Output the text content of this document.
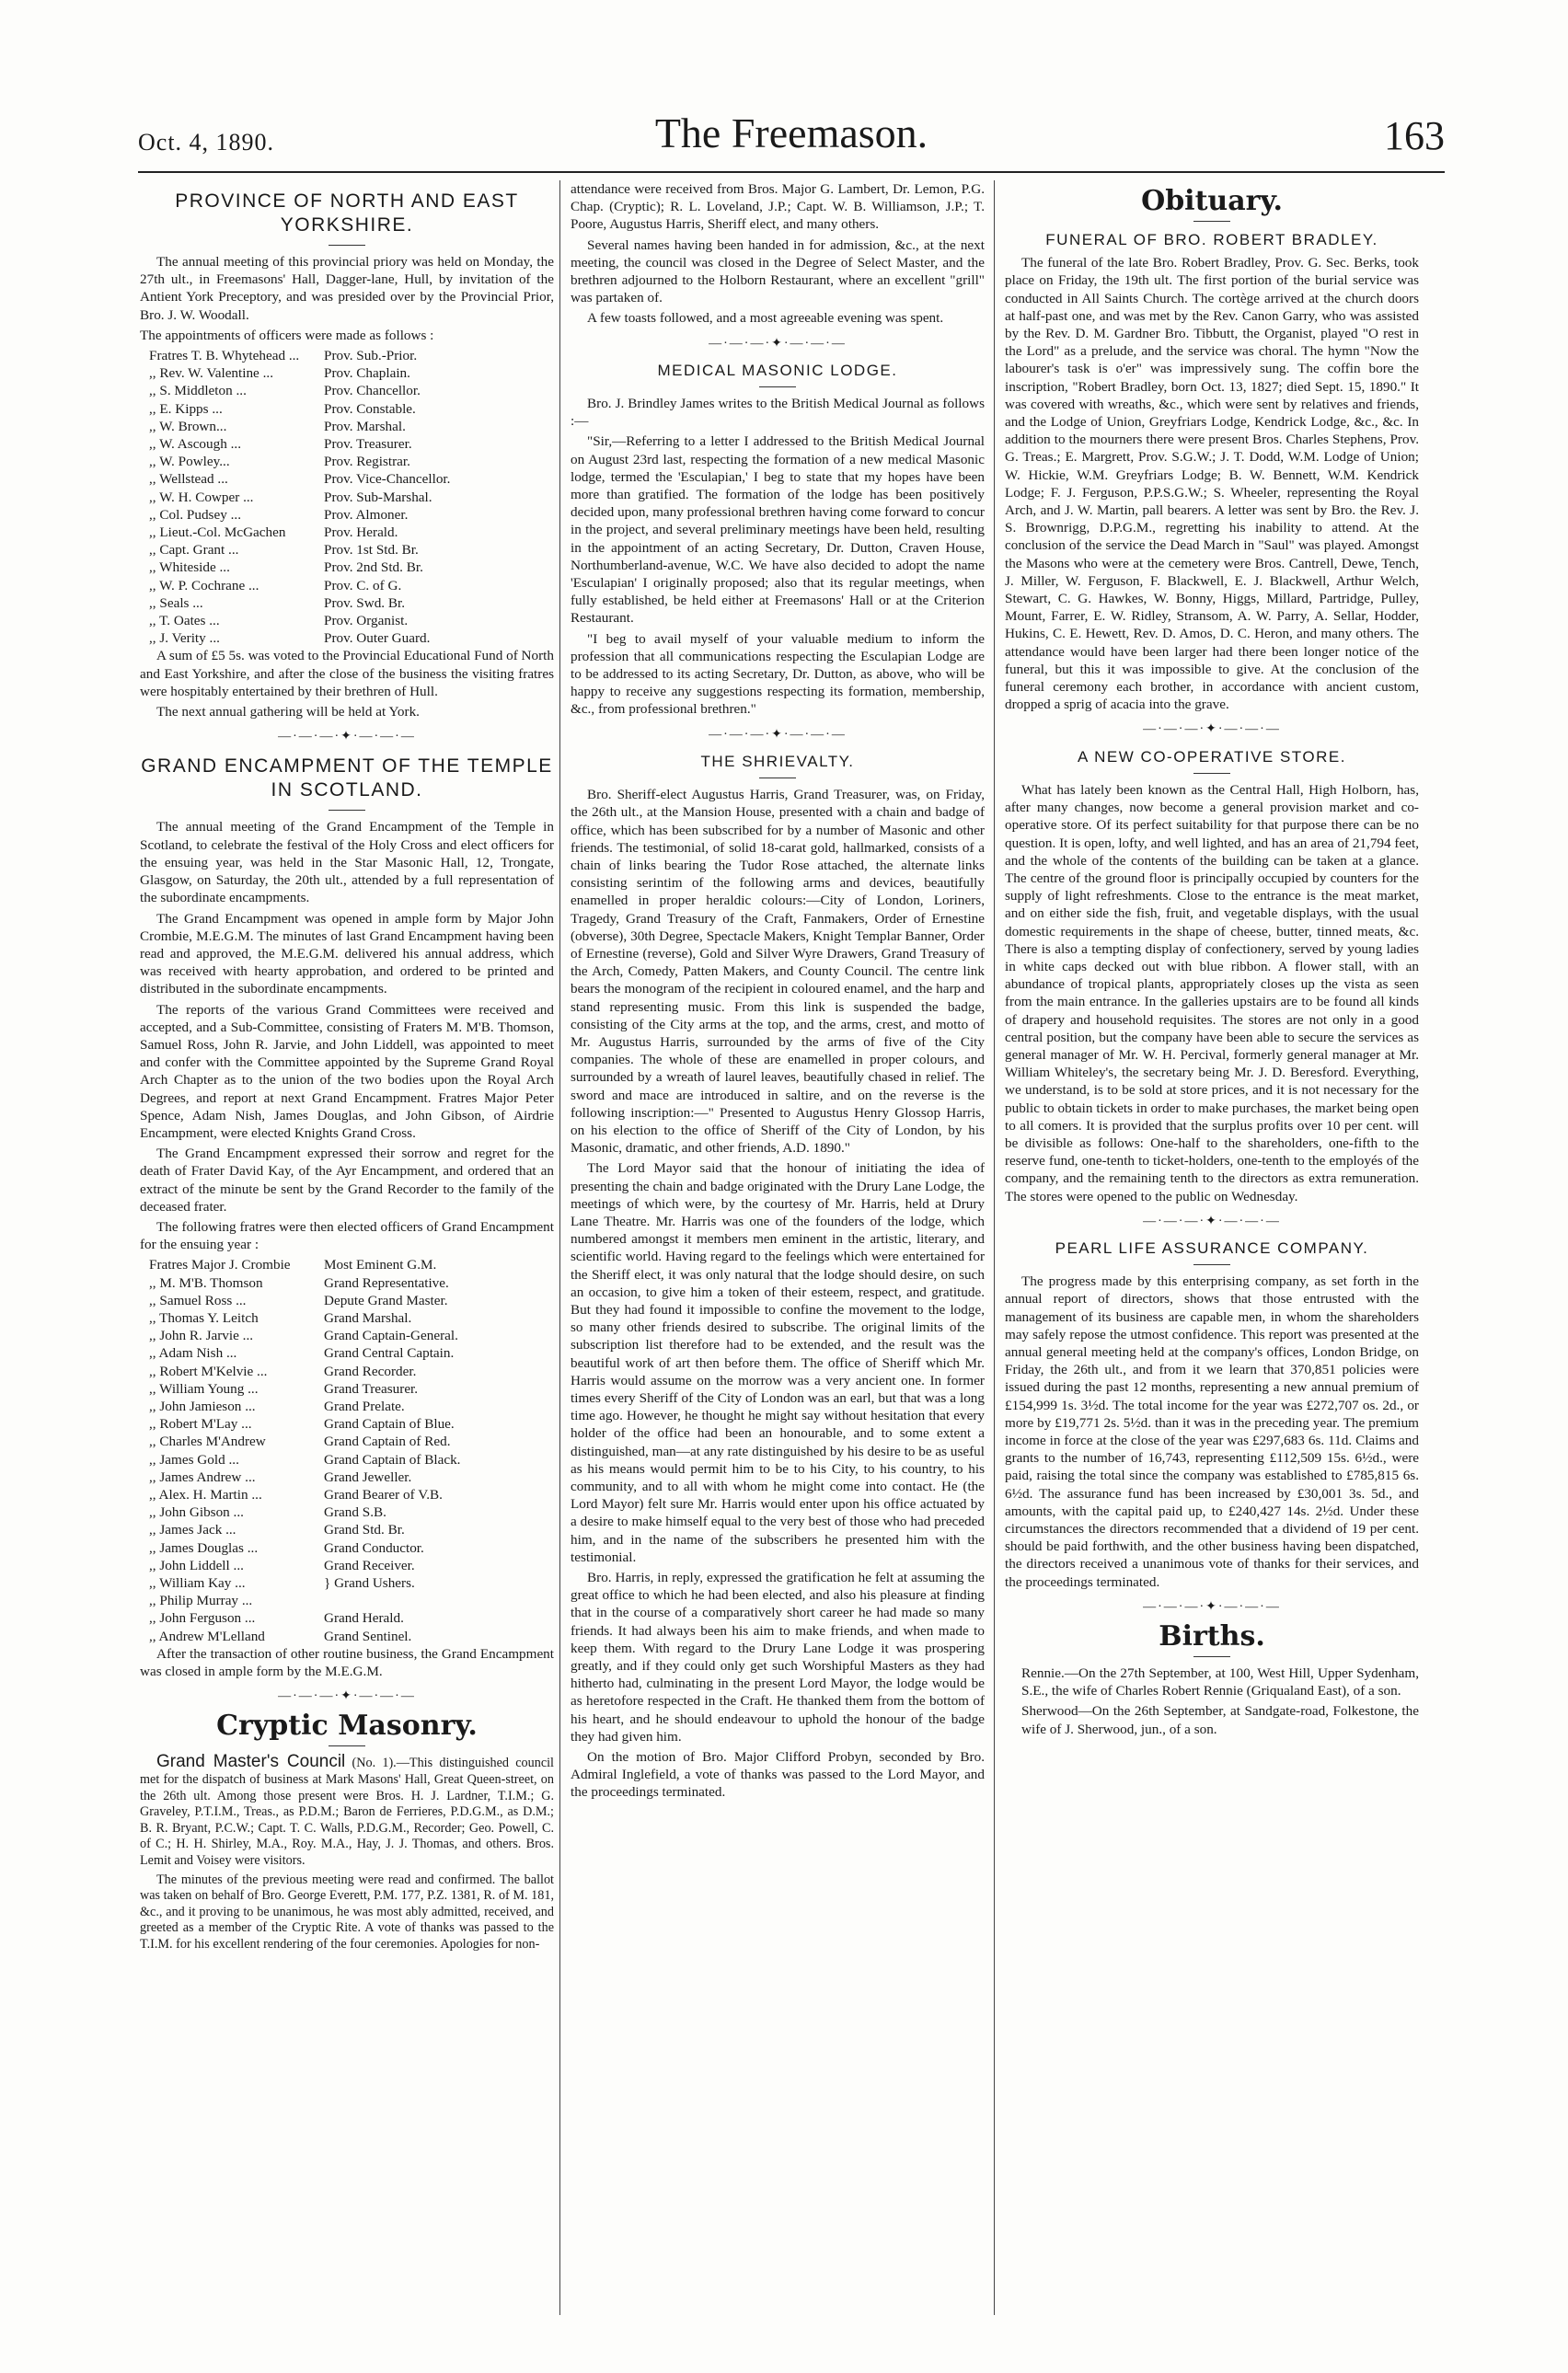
Oct. 4, 1890.	The Freemason.	163
PROVINCE OF NORTH AND EAST YORKSHIRE.

The annual meeting of this provincial priory was held on Monday, the 27th ult., in Freemasons' Hall, Dagger-lane, Hull, by invitation of the Antient York Preceptory, and was presided over by the Provincial Prior, Bro. J. W. Woodall.

The appointments of officers were made as follows :

Fratres T. B. Whytehead ...	Prov. Sub.-Prior.
,, Rev. W. Valentine ...	Prov. Chaplain.
,, S. Middleton ...	Prov. Chancellor.
,, E. Kipps ...	Prov. Constable.
,, W. Brown...	Prov. Marshal.
,, W. Ascough ...	Prov. Treasurer.
,, W. Powley...	Prov. Registrar.
,, Wellstead ...	Prov. Vice-Chancellor.
,, W. H. Cowper ...	Prov. Sub-Marshal.
,, Col. Pudsey ...	Prov. Almoner.
,, Lieut.-Col. McGachen	Prov. Herald.
,, Capt. Grant ...	Prov. 1st Std. Br.
,, Whiteside ...	Prov. 2nd Std. Br.
,, W. P. Cochrane ...	Prov. C. of G.
,, Seals ...	Prov. Swd. Br.
,, T. Oates ...	Prov. Organist.
,, J. Verity ...	Prov. Outer Guard.

A sum of £5 5s. was voted to the Provincial Educational Fund of North and East Yorkshire, and after the close of the business the visiting fratres were hospitably entertained by their brethren of Hull.

The next annual gathering will be held at York.

—·—·—·✦·—·—·—
GRAND ENCAMPMENT OF THE TEMPLE IN SCOTLAND.

The annual meeting of the Grand Encampment of the Temple in Scotland, to celebrate the festival of the Holy Cross and elect officers for the ensuing year, was held in the Star Masonic Hall, 12, Trongate, Glasgow, on Saturday, the 20th ult., attended by a full representation of the subordinate encampments.

The Grand Encampment was opened in ample form by Major John Crombie, M.E.G.M. The minutes of last Grand Encampment having been read and approved, the M.E.G.M. delivered his annual address, which was received with hearty approbation, and ordered to be printed and distributed in the subordinate encampments.

The reports of the various Grand Committees were received and accepted, and a Sub-Committee, consisting of Fraters M. M'B. Thomson, Samuel Ross, John R. Jarvie, and John Liddell, was appointed to meet and confer with the Committee appointed by the Supreme Grand Royal Arch Chapter as to the union of the two bodies upon the Royal Arch Degrees, and report at next Grand Encampment. Fratres Major Peter Spence, Adam Nish, James Douglas, and John Gibson, of Airdrie Encampment, were elected Knights Grand Cross.

The Grand Encampment expressed their sorrow and regret for the death of Frater David Kay, of the Ayr Encampment, and ordered that an extract of the minute be sent by the Grand Recorder to the family of the deceased frater.

The following fratres were then elected officers of Grand Encampment for the ensuing year :

Fratres Major J. Crombie	Most Eminent G.M.
,, M. M'B. Thomson	Grand Representative.
,, Samuel Ross ...	Depute Grand Master.
,, Thomas Y. Leitch	Grand Marshal.
,, John R. Jarvie ...	Grand Captain-General.
,, Adam Nish ...	Grand Central Captain.
,, Robert M'Kelvie ...	Grand Recorder.
,, William Young ...	Grand Treasurer.
,, John Jamieson ...	Grand Prelate.
,, Robert M'Lay ...	Grand Captain of Blue.
,, Charles M'Andrew	Grand Captain of Red.
,, James Gold ...	Grand Captain of Black.
,, James Andrew ...	Grand Jeweller.
,, Alex. H. Martin ...	Grand Bearer of V.B.
,, John Gibson ...	Grand S.B.
,, James Jack ...	Grand Std. Br.
,, James Douglas ...	Grand Conductor.
,, John Liddell ...	Grand Receiver.
,, William Kay ...	} Grand Ushers.
,, Philip Murray ...	
,, John Ferguson ...	Grand Herald.
,, Andrew M'Lelland	Grand Sentinel.

After the transaction of other routine business, the Grand Encampment was closed in ample form by the M.E.G.M.

—·—·—·✦·—·—·—
Cryptic Masonry.

Grand Master's Council (No. 1).—This distinguished council met for the dispatch of business at Mark Masons' Hall, Great Queen-street, on the 26th ult. Among those present were Bros. H. J. Lardner, T.I.M.; G. Graveley, P.T.I.M., Treas., as P.D.M.; Baron de Ferrieres, P.D.G.M., as D.M.; B. R. Bryant, P.C.W.; Capt. T. C. Walls, P.D.G.M., Recorder; Geo. Powell, C. of C.; H. H. Shirley, M.A., Roy. M.A., Hay, J. J. Thomas, and others. Bros. Lemit and Voisey were visitors.

The minutes of the previous meeting were read and confirmed. The ballot was taken on behalf of Bro. George Everett, P.M. 177, P.Z. 1381, R. of M. 181, &c., and it proving to be unanimous, he was most ably admitted, received, and greeted as a member of the Cryptic Rite. A vote of thanks was passed to the T.I.M. for his excellent rendering of the four ceremonies. Apologies for non-

attendance were received from Bros. Major G. Lambert, Dr. Lemon, P.G. Chap. (Cryptic); R. L. Loveland, J.P.; Capt. W. B. Williamson, J.P.; T. Poore, Augustus Harris, Sheriff elect, and many others.

Several names having been handed in for admission, &c., at the next meeting, the council was closed in the Degree of Select Master, and the brethren adjourned to the Holborn Restaurant, where an excellent "grill" was partaken of.

A few toasts followed, and a most agreeable evening was spent.

—·—·—·✦·—·—·—
MEDICAL MASONIC LODGE.

Bro. J. Brindley James writes to the British Medical Journal as follows :—

"Sir,—Referring to a letter I addressed to the British Medical Journal on August 23rd last, respecting the formation of a new medical Masonic lodge, termed the 'Esculapian,' I beg to state that my hopes have been more than gratified. The formation of the lodge has been positively decided upon, many professional brethren having come forward to concur in the project, and several preliminary meetings have been held, resulting in the appointment of an acting Secretary, Dr. Dutton, Craven House, Northumberland-avenue, W.C. We have also decided to adopt the name 'Esculapian' I originally proposed; also that its regular meetings, when fully established, be held either at Freemasons' Hall or at the Criterion Restaurant.

"I beg to avail myself of your valuable medium to inform the profession that all communications respecting the Esculapian Lodge are to be addressed to its acting Secretary, Dr. Dutton, as above, who will be happy to receive any suggestions respecting its formation, membership, &c., from professional brethren."

—·—·—·✦·—·—·—
THE SHRIEVALTY.

Bro. Sheriff-elect Augustus Harris, Grand Treasurer, was, on Friday, the 26th ult., at the Mansion House, presented with a chain and badge of office, which has been subscribed for by a number of Masonic and other friends. The testimonial, of solid 18-carat gold, hallmarked, consists of a chain of links bearing the Tudor Rose attached, the alternate links consisting serintim of the following arms and devices, beautifully enamelled in proper heraldic colours:—City of London, Loriners, Tragedy, Grand Treasury of the Craft, Fanmakers, Order of Ernestine (obverse), 30th Degree, Spectacle Makers, Knight Templar Banner, Order of Ernestine (reverse), Gold and Silver Wyre Drawers, Grand Treasury of the Arch, Comedy, Patten Makers, and County Council. The centre link bears the monogram of the recipient in coloured enamel, and the harp and stand representing music. From this link is suspended the badge, consisting of the City arms at the top, and the arms, crest, and motto of Mr. Augustus Harris, surrounded by the arms of five of the City companies. The whole of these are enamelled in proper colours, and surrounded by a wreath of laurel leaves, beautifully chased in relief. The sword and mace are introduced in saltire, and on the reverse is the following inscription:—" Presented to Augustus Henry Glossop Harris, on his election to the office of Sheriff of the City of London, by his Masonic, dramatic, and other friends, A.D. 1890."

The Lord Mayor said that the honour of initiating the idea of presenting the chain and badge originated with the Drury Lane Lodge, the meetings of which were, by the courtesy of Mr. Harris, held at Drury Lane Theatre. Mr. Harris was one of the founders of the lodge, which numbered amongst it members men eminent in the artistic, literary, and scientific world. Having regard to the feelings which were entertained for the Sheriff elect, it was only natural that the lodge should desire, on such an occasion, to give him a token of their esteem, respect, and gratitude. But they had found it impossible to confine the movement to the lodge, so many other friends desired to subscribe. The original limits of the subscription list therefore had to be extended, and the result was the beautiful work of art then before them. The office of Sheriff which Mr. Harris would assume on the morrow was a very ancient one. In former times every Sheriff of the City of London was an earl, but that was a long time ago. However, he thought he might say without hesitation that every holder of the office had been an honourable, and to some extent a distinguished, man—at any rate distinguished by his desire to be as useful as his means would permit him to be to his City, to his country, to his community, and to all with whom he might come into contact. He (the Lord Mayor) felt sure Mr. Harris would enter upon his office actuated by a desire to make himself equal to the very best of those who had preceded him, and in the name of the subscribers he presented him with the testimonial.

Bro. Harris, in reply, expressed the gratification he felt at assuming the great office to which he had been elected, and also his pleasure at finding that in the course of a comparatively short career he had made so many friends. It had always been his aim to make friends, and when made to keep them. With regard to the Drury Lane Lodge it was prospering greatly, and if they could only get such Worshipful Masters as they had hitherto had, culminating in the present Lord Mayor, the lodge would be as heretofore respected in the Craft. He thanked them from the bottom of his heart, and he should endeavour to uphold the honour of the badge they had given him.

On the motion of Bro. Major Clifford Probyn, seconded by Bro. Admiral Inglefield, a vote of thanks was passed to the Lord Mayor, and the proceedings terminated.

Obituary.
FUNERAL OF BRO. ROBERT BRADLEY.

The funeral of the late Bro. Robert Bradley, Prov. G. Sec. Berks, took place on Friday, the 19th ult. The first portion of the burial service was conducted in All Saints Church. The cortège arrived at the church doors at half-past one, and was met by the Rev. Canon Garry, who was assisted by the Rev. D. M. Gardner Bro. Tibbutt, the Organist, played "O rest in the Lord" as a prelude, and the service was choral. The hymn "Now the labourer's task is o'er" was impressively sung. The coffin bore the inscription, "Robert Bradley, born Oct. 13, 1827; died Sept. 15, 1890." It was covered with wreaths, &c., which were sent by relatives and friends, and the Lodge of Union, Greyfriars Lodge, Kendrick Lodge, &c., &c. In addition to the mourners there were present Bros. Charles Stephens, Prov. G. Treas.; E. Margrett, Prov. S.G.W.; J. T. Dodd, W.M. Lodge of Union; W. Hickie, W.M. Greyfriars Lodge; B. W. Bennett, W.M. Kendrick Lodge; F. J. Ferguson, P.P.S.G.W.; S. Wheeler, representing the Royal Arch, and J. W. Martin, pall bearers. A letter was sent by Bro. the Rev. J. S. Brownrigg, D.P.G.M., regretting his inability to attend. At the conclusion of the service the Dead March in "Saul" was played. Amongst the Masons who were at the cemetery were Bros. Cantrell, Dewe, Tench, J. Miller, W. Ferguson, F. Blackwell, E. J. Blackwell, Arthur Welch, Stewart, C. G. Hawkes, W. Bonny, Higgs, Millard, Partridge, Pulley, Mount, Farrer, E. W. Ridley, Stransom, A. W. Parry, A. Sellar, Hodder, Hukins, C. E. Hewett, Rev. D. Amos, D. C. Heron, and many others. The attendance would have been larger had there been longer notice of the funeral, but this it was impossible to give. At the conclusion of the funeral ceremony each brother, in accordance with ancient custom, dropped a sprig of acacia into the grave.

—·—·—·✦·—·—·—
A NEW CO-OPERATIVE STORE.

What has lately been known as the Central Hall, High Holborn, has, after many changes, now become a general provision market and co-operative store. Of its perfect suitability for that purpose there can be no question. It is open, lofty, and well lighted, and has an area of 21,794 feet, and the whole of the contents of the building can be taken at a glance. The centre of the ground floor is principally occupied by counters for the supply of light refreshments. Close to the entrance is the meat market, and on either side the fish, fruit, and vegetable displays, with the usual domestic requirements in the shape of cheese, butter, tinned meats, &c. There is also a tempting display of confectionery, served by young ladies in white caps decked out with blue ribbon. A flower stall, with an abundance of tropical plants, appropriately closes up the vista as seen from the main entrance. In the galleries upstairs are to be found all kinds of drapery and household requisites. The stores are not only in a good central position, but the company have been able to secure the services as general manager of Mr. W. H. Percival, formerly general manager at Mr. William Whiteley's, the secretary being Mr. J. D. Beresford. Everything, we understand, is to be sold at store prices, and it is not necessary for the public to obtain tickets in order to make purchases, the market being open to all comers. It is provided that the surplus profits over 10 per cent. will be divisible as follows: One-half to the shareholders, one-fifth to the reserve fund, one-tenth to ticket-holders, one-tenth to the employés of the company, and the remaining tenth to the directors as extra remuneration. The stores were opened to the public on Wednesday.

—·—·—·✦·—·—·—
PEARL LIFE ASSURANCE COMPANY.

The progress made by this enterprising company, as set forth in the annual report of directors, shows that those entrusted with the management of its business are capable men, in whom the shareholders may safely repose the utmost confidence. This report was presented at the annual general meeting held at the company's offices, London Bridge, on Friday, the 26th ult., and from it we learn that 370,851 policies were issued during the past 12 months, representing a new annual premium of £154,999 1s. 3½d. The total income for the year was £272,707 os. 2d., or more by £19,771 2s. 5½d. than it was in the preceding year. The premium income in force at the close of the year was £297,683 6s. 11d. Claims and grants to the number of 16,743, representing £112,509 15s. 6½d., were paid, raising the total since the company was established to £785,815 6s. 6½d. The assurance fund has been increased by £30,001 3s. 5d., and amounts, with the capital paid up, to £240,427 14s. 2½d. Under these circumstances the directors recommended that a dividend of 19 per cent. should be paid forthwith, and the other business having been dispatched, the directors received a unanimous vote of thanks for their services, and the proceedings terminated.

—·—·—·✦·—·—·—
Births.

Rennie.—On the 27th September, at 100, West Hill, Upper Sydenham, S.E., the wife of Charles Robert Rennie (Griqualand East), of a son.

Sherwood—On the 26th September, at Sandgate-road, Folkestone, the wife of J. Sherwood, jun., of a son.
